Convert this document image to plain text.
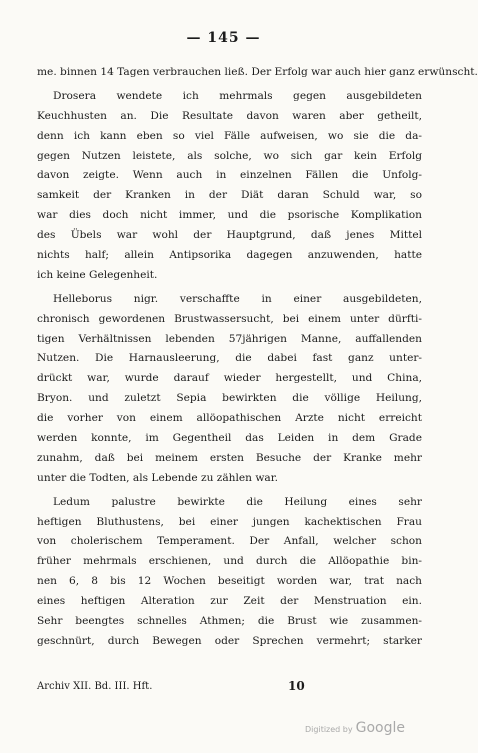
— 145 —
me. binnen 14 Tagen verbrauchen ließ. Der Erfolg war auch hier ganz erwünscht.
Drosera wendete ich mehrmals gegen ausgebildeten
Keuchhusten an. Die Resultate davon waren aber getheilt,
denn ich kann eben so viel Fälle aufweisen, wo sie die da-
gegen Nutzen leistete, als solche, wo sich gar kein Erfolg
davon zeigte. Wenn auch in einzelnen Fällen die Unfolg-
samkeit der Kranken in der Diät daran Schuld war, so
war dies doch nicht immer, und die psorische Komplikation
des Übels war wohl der Hauptgrund, daß jenes Mittel
nichts half; allein Antipsorika dagegen anzuwenden, hatte
ich keine Gelegenheit.
Helleborus nigr. verschaffte in einer ausgebildeten,
chronisch gewordenen Brustwassersucht, bei einem unter dürfti-
tigen Verhältnissen lebenden 57jährigen Manne, auffallenden
Nutzen. Die Harnausleerung, die dabei fast ganz unter-
drückt war, wurde darauf wieder hergestellt, und China,
Bryon. und zuletzt Sepia bewirkten die völlige Heilung,
die vorher von einem allöopathischen Arzte nicht erreicht
werden konnte, im Gegentheil das Leiden in dem Grade
zunahm, daß bei meinem ersten Besuche der Kranke mehr
unter die Todten, als Lebende zu zählen war.
Ledum palustre bewirkte die Heilung eines sehr
heftigen Bluthustens, bei einer jungen kachektischen Frau
von cholerischem Temperament. Der Anfall, welcher schon
früher mehrmals erschienen, und durch die Allöopathie bin-
nen 6, 8 bis 12 Wochen beseitigt worden war, trat nach
eines heftigen Alteration zur Zeit der Menstruation ein.
Sehr beengtes schnelles Athmen; die Brust wie zusammen-
geschnürt, durch Bewegen oder Sprechen vermehrt; starker
Archiv XII. Bd. III. Hft.	10
Digitized by Google
